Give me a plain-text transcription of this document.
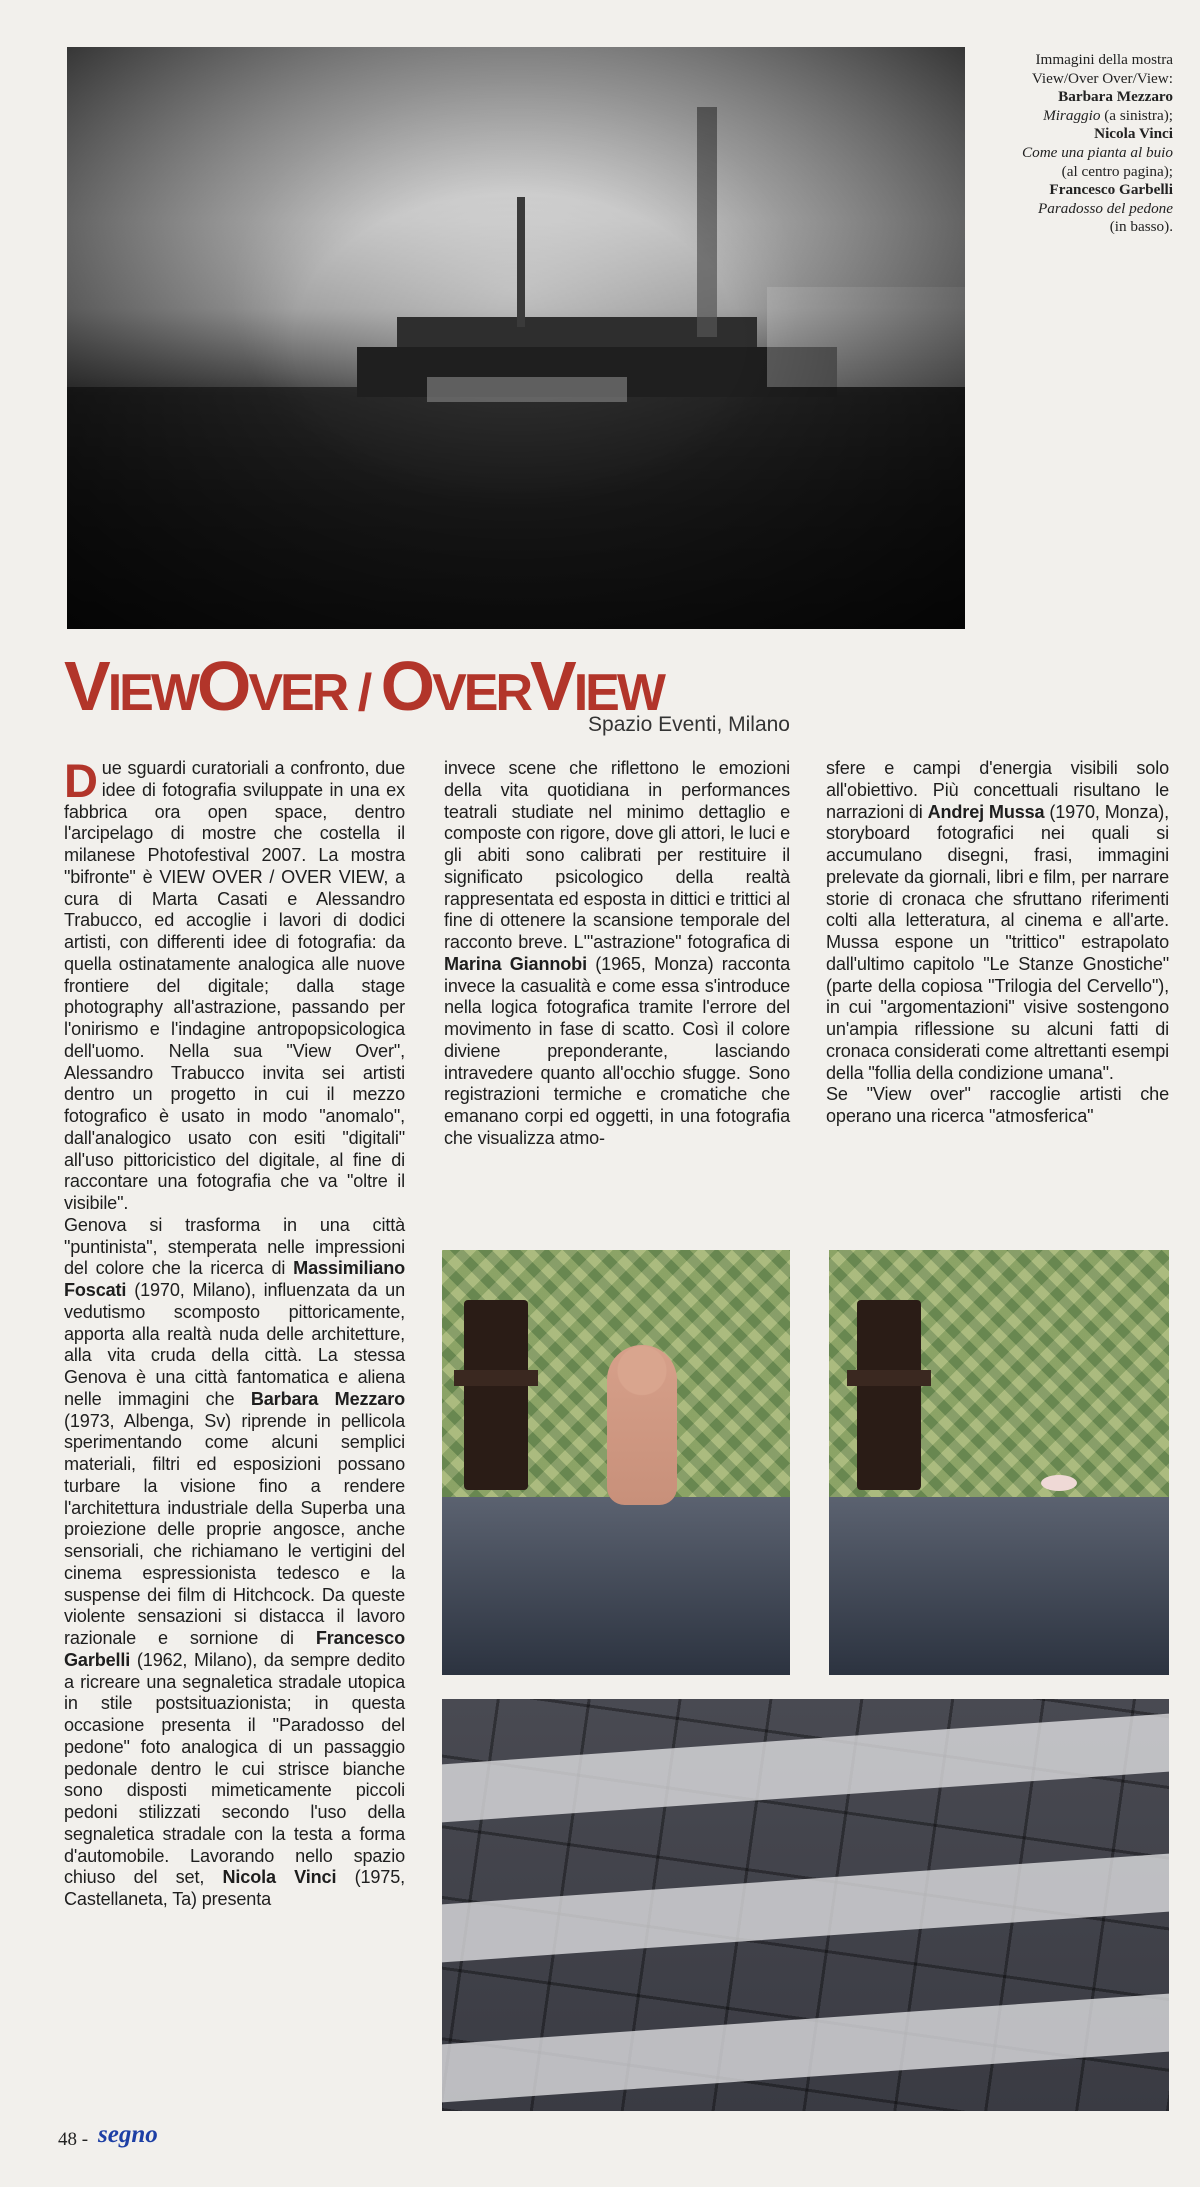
Immagini della mostra
View/Over Over/View:
Barbara Mezzaro
Miraggio (a sinistra);
Nicola Vinci
Come una pianta al buio
(al centro pagina);
Francesco Garbelli
Paradosso del pedone
(in basso).
VIEWOVER / OVERVIEW
Spazio Eventi, Milano

Due sguardi curatoriali a confronto, due idee di fotografia sviluppate in una ex fabbrica ora open space, dentro l'arcipelago di mostre che costella il milanese Photofestival 2007. La mostra "bifronte" è VIEW OVER / OVER VIEW, a cura di Marta Casati e Alessandro Trabucco, ed accoglie i lavori di dodici artisti, con differenti idee di fotografia: da quella ostinatamente analogica alle nuove frontiere del digitale; dalla stage photography all'astrazione, passando per l'onirismo e l'indagine antropopsicologica dell'uomo. Nella sua "View Over", Alessandro Trabucco invita sei artisti dentro un progetto in cui il mezzo fotografico è usato in modo "anomalo", dall'analogico usato con esiti "digitali" all'uso pittoricistico del digitale, al fine di raccontare una fotografia che va "oltre il visibile".

Genova si trasforma in una città "puntinista", stemperata nelle impressioni del colore che la ricerca di Massimiliano Foscati (1970, Milano), influenzata da un vedutismo scomposto pittoricamente, apporta alla realtà nuda delle architetture, alla vita cruda della città. La stessa Genova è una città fantomatica e aliena nelle immagini che Barbara Mezzaro (1973, Albenga, Sv) riprende in pellicola sperimentando come alcuni semplici materiali, filtri ed esposizioni possano turbare la visione fino a rendere l'architettura industriale della Superba una proiezione delle proprie angosce, anche sensoriali, che richiamano le vertigini del cinema espressionista tedesco e la suspense dei film di Hitchcock. Da queste violente sensazioni si distacca il lavoro razionale e sornione di Francesco Garbelli (1962, Milano), da sempre dedito a ricreare una segnaletica stradale utopica in stile postsituazionista; in questa occasione presenta il "Paradosso del pedone" foto analogica di un passaggio pedonale dentro le cui strisce bianche sono disposti mimeticamente piccoli pedoni stilizzati secondo l'uso della segnaletica stradale con la testa a forma d'automobile. Lavorando nello spazio chiuso del set, Nicola Vinci (1975, Castellaneta, Ta) presenta

invece scene che riflettono le emozioni della vita quotidiana in performances teatrali studiate nel minimo dettaglio e composte con rigore, dove gli attori, le luci e gli abiti sono calibrati per restituire il significato psicologico della realtà rappresentata ed esposta in dittici e trittici al fine di ottenere la scansione temporale del racconto breve. L'"astrazione" fotografica di Marina Giannobi (1965, Monza) racconta invece la casualità e come essa s'introduce nella logica fotografica tramite l'errore del movimento in fase di scatto. Così il colore diviene preponderante, lasciando intravedere quanto all'occhio sfugge. Sono registrazioni termiche e cromatiche che emanano corpi ed oggetti, in una fotografia che visualizza atmo-

sfere e campi d'energia visibili solo all'obiettivo. Più concettuali risultano le narrazioni di Andrej Mussa (1970, Monza), storyboard fotografici nei quali si accumulano disegni, frasi, immagini prelevate da giornali, libri e film, per narrare storie di cronaca che sfruttano riferimenti colti alla letteratura, al cinema e all'arte. Mussa espone un "trittico" estrapolato dall'ultimo capitolo "Le Stanze Gnostiche" (parte della copiosa "Trilogia del Cervello"), in cui "argomentazioni" visive sostengono un'ampia riflessione su alcuni fatti di cronaca considerati come altrettanti esempi della "follia della condizione umana".

Se "View over" raccoglie artisti che operano una ricerca "atmosferica"

48 - segno
